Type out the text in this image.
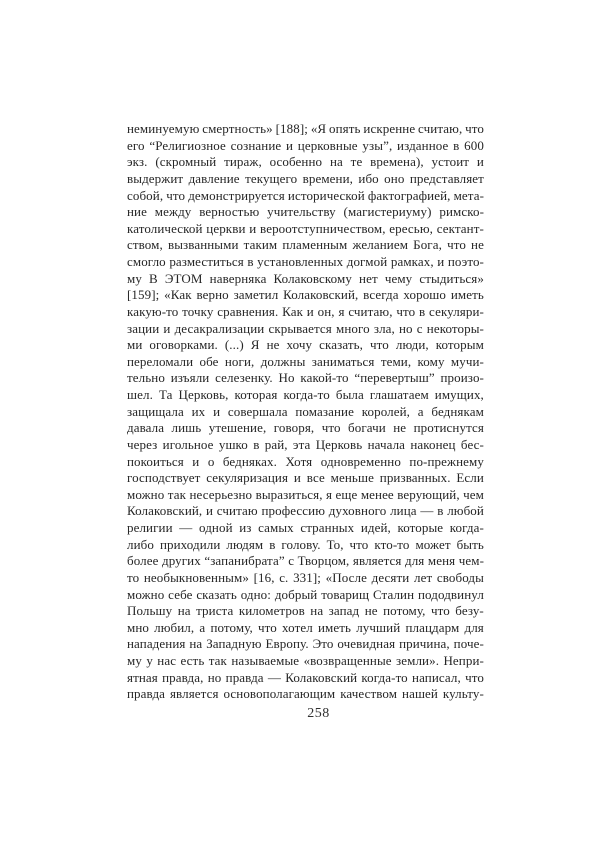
неминуемую смертность» [188]; «Я опять искренне считаю, что
его “Религиозное сознание и церковные узы”, изданное в 600
экз. (скромный тираж, особенно на те времена), устоит и
выдержит давление текущего времени, ибо оно представляет
собой, что демонстрируется исторической фактографией, мета-
ние между верностью учительству (магистериуму) римско-
католической церкви и вероотступничеством, ересью, сектант-
ством, вызванными таким пламенным желанием Бога, что не
смогло разместиться в установленных догмой рамках, и поэто-
му В ЭТОМ наверняка Колаковскому нет чему стыдиться»
[159]; «Как верно заметил Колаковский, всегда хорошо иметь
какую-то точку сравнения. Как и он, я считаю, что в секуляри-
зации и десакрализации скрывается много зла, но с некоторы-
ми оговорками. (...) Я не хочу сказать, что люди, которым
переломали обе ноги, должны заниматься теми, кому мучи-
тельно изъяли селезенку. Но какой-то “перевертыш” произо-
шел. Та Церковь, которая когда-то была глашатаем имущих,
защищала их и совершала помазание королей, а беднякам
давала лишь утешение, говоря, что богачи не протиснутся
через игольное ушко в рай, эта Церковь начала наконец бес-
покоиться и о бедняках. Хотя одновременно по-прежнему
господствует секуляризация и все меньше призванных. Если
можно так несерьезно выразиться, я еще менее верующий, чем
Колаковский, и считаю профессию духовного лица — в любой
религии — одной из самых странных идей, которые когда-
либо приходили людям в голову. То, что кто-то может быть
более других “запанибрата” с Творцом, является для меня чем-
то необыкновенным» [16, с. 331]; «После десяти лет свободы
можно себе сказать одно: добрый товарищ Сталин пододвинул
Польшу на триста километров на запад не потому, что безу-
мно любил, а потому, что хотел иметь лучший плацдарм для
нападения на Западную Европу. Это очевидная причина, поче-
му у нас есть так называемые «возвращенные земли». Непри-
ятная правда, но правда — Колаковский когда-то написал, что
правда является основополагающим качеством нашей культу-
258
